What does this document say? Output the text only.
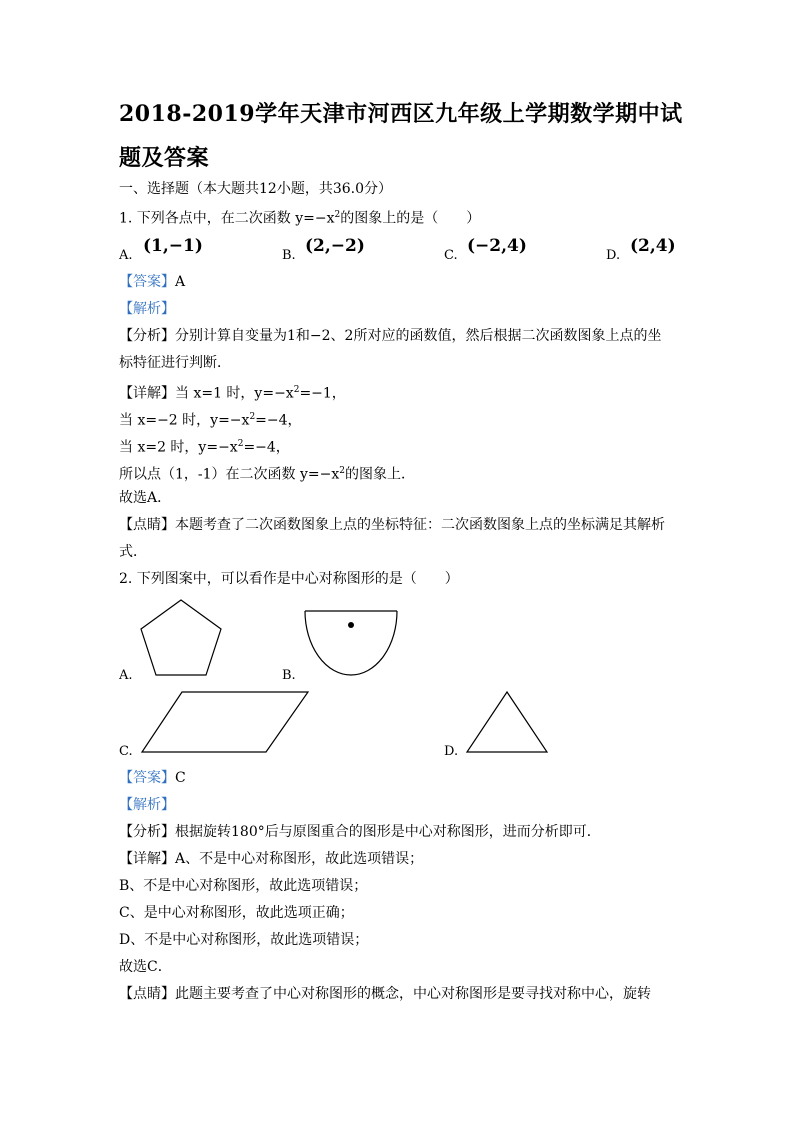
2018-2019学年天津市河西区九年级上学期数学期中试题及答案
一、选择题（本大题共12小题，共36.0分）
1. 下列各点中，在二次函数 $y=-x^2$的图象上的是（　　）
A. (1,−1)	B. (2,−2)	C. (−2,4)	D. (2,4)
【答案】A
【解析】
【分析】分别计算自变量为1和−2、2所对应的函数值，然后根据二次函数图象上点的坐
标特征进行判断．
【详解】当 x=1 时，$y=-x^2=-1$，
当 x=−2 时，$y=-x^2=-4$，
当 x=2 时，$y=-x^2=-4$，
所以点（1，-1）在二次函数 $y=-x^2$的图象上．
故选A．
【点睛】本题考查了二次函数图象上点的坐标特征：二次函数图象上点的坐标满足其解析
式．
2. 下列图案中，可以看作是中心对称图形的是（　　）
A.	B.
C.	D.
【答案】C
【解析】
【分析】根据旋转180°后与原图重合的图形是中心对称图形，进而分析即可．
【详解】A、不是中心对称图形，故此选项错误；
B、不是中心对称图形，故此选项错误；
C、是中心对称图形，故此选项正确；
D、不是中心对称图形，故此选项错误；
故选C．
【点睛】此题主要考查了中心对称图形的概念，中心对称图形是要寻找对称中心，旋转
